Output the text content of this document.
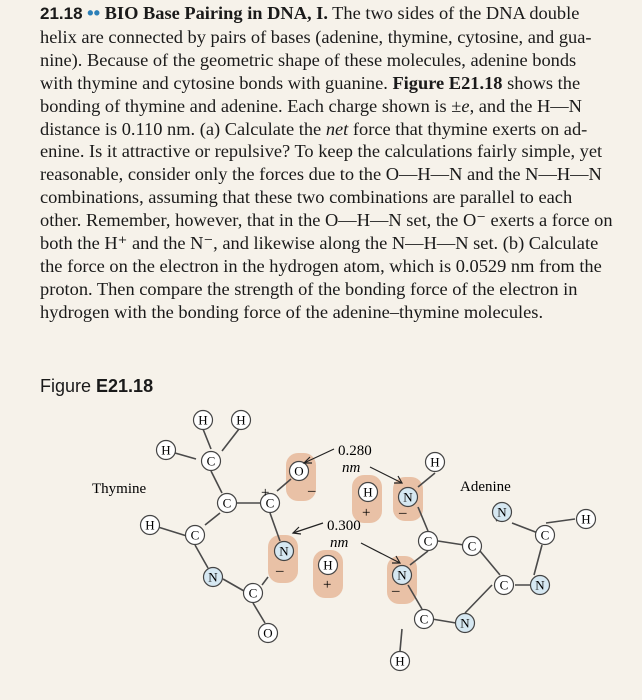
21.18 •• BIO Base Pairing in DNA, I. The two sides of the DNA double
helix are connected by pairs of bases (adenine, thymine, cytosine, and gua-
nine). Because of the geometric shape of these molecules, adenine bonds
with thymine and cytosine bonds with guanine. Figure E21.18 shows the
bonding of thymine and adenine. Each charge shown is ±e, and the H—N
distance is 0.110 nm. (a) Calculate the net force that thymine exerts on ad-
enine. Is it attractive or repulsive? To keep the calculations fairly simple, yet
reasonable, consider only the forces due to the O—H—N and the N—H—N
combinations, assuming that these two combinations are parallel to each
other. Remember, however, that in the O—H—N set, the O⁻ exerts a force on
both the H⁺ and the N⁻, and likewise along the N—H—N set. (b) Calculate
the force on the electron in the hydrogen atom, which is 0.0529 nm from the
proton. Then compare the strength of the bonding force of the electron in
hydrogen with the bonding force of the adenine–thymine molecules.
Figure E21.18
H H
H
C
C	C
O
H
C
N
N
C
O
H
H
H
N
N	H
C	C
C
N
C N
C N
H
+	–
+ –
–
+	–
Thymine	Adenine
0.280
nm
0.300
nm
